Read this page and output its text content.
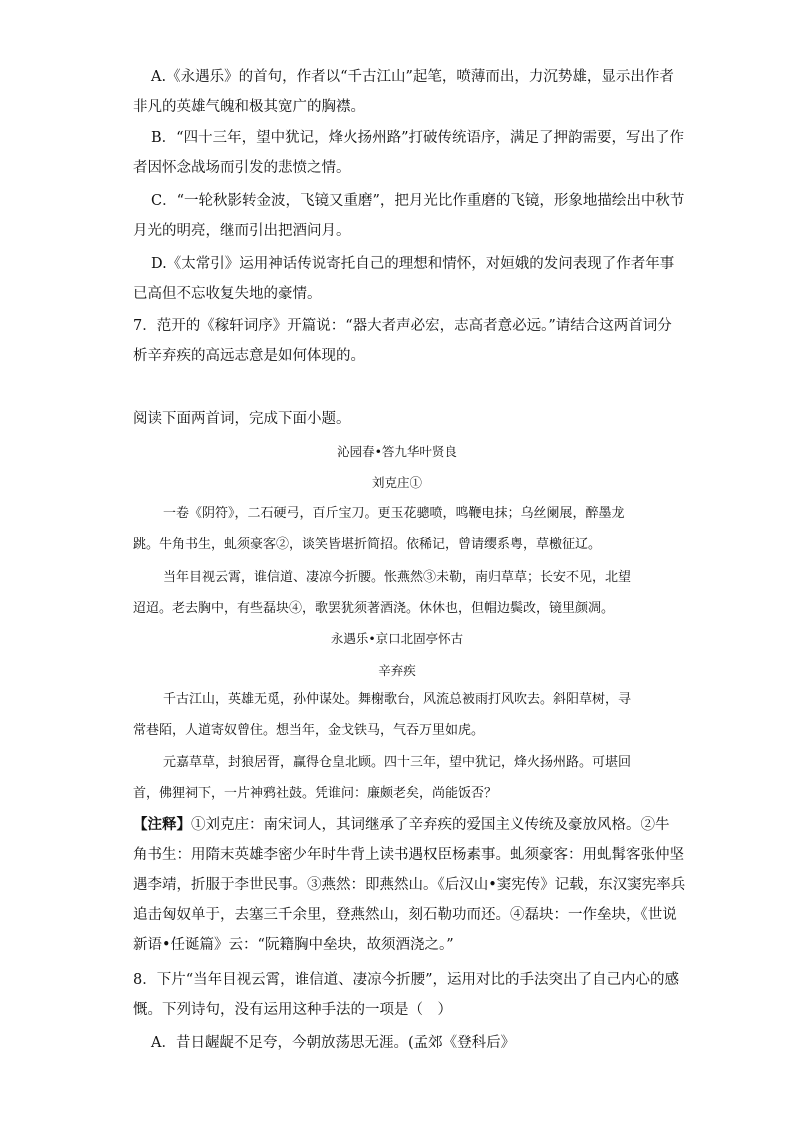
A.《永遇乐》的首句，作者以“千古江山”起笔，喷薄而出，力沉势雄，显示出作者
非凡的英雄气魄和极其宽广的胸襟。
B．“四十三年，望中犹记，烽火扬州路”打破传统语序，满足了押韵需要，写出了作
者因怀念战场而引发的悲愤之情。
C．“一轮秋影转金波，飞镜又重磨”，把月光比作重磨的飞镜，形象地描绘出中秋节
月光的明亮，继而引出把酒问月。
D.《太常引》运用神话传说寄托自己的理想和情怀，对姮娥的发问表现了作者年事
已高但不忘收复失地的豪情。
7．范开的《稼轩词序》开篇说：“器大者声必宏，志高者意必远。”请结合这两首词分
析辛弃疾的高远志意是如何体现的。

阅读下面两首词，完成下面小题。

沁园春•答九华叶贤良

刘克庄①

一卷《阴符》，二石硬弓，百斤宝刀。更玉花骢喷，鸣鞭电抹；乌丝阑展，醉墨龙
跳。牛角书生，虬须豪客②，谈笑皆堪折简招。依稀记，曾请缨系粤，草檄征辽。
当年目视云霄，谁信道、凄凉今折腰。怅燕然③未勒，南归草草；长安不见，北望
迢迢。老去胸中，有些磊块④，歌罢犹须著酒浇。休休也，但帽边鬓改，镜里颜凋。

永遇乐•京口北固亭怀古

辛弃疾

千古江山，英雄无觅，孙仲谋处。舞榭歌台，风流总被雨打风吹去。斜阳草树，寻
常巷陌，人道寄奴曾住。想当年，金戈铁马，气吞万里如虎。
元嘉草草，封狼居胥，赢得仓皇北顾。四十三年，望中犹记，烽火扬州路。可堪回
首，佛狸祠下，一片神鸦社鼓。凭谁问：廉颇老矣，尚能饭否？
【注释】①刘克庄：南宋词人，其词继承了辛弃疾的爱国主义传统及豪放风格。②牛
角书生：用隋末英雄李密少年时牛背上读书遇权臣杨素事。虬须豪客：用虬髯客张仲坚
遇李靖，折服于李世民事。③燕然：即燕然山。《后汉山•窦宪传》记载，东汉窦宪率兵
追击匈奴单于，去塞三千余里，登燕然山，刻石勒功而还。④磊块：一作垒块，《世说
新语•任诞篇》云：“阮籍胸中垒块，故须酒浇之。”
8．下片“当年目视云霄，谁信道、凄凉今折腰”，运用对比的手法突出了自己内心的感
慨。下列诗句，没有运用这种手法的一项是（　）

A．昔日龌龊不足夸，今朝放荡思无涯。(孟郊《登科后》
